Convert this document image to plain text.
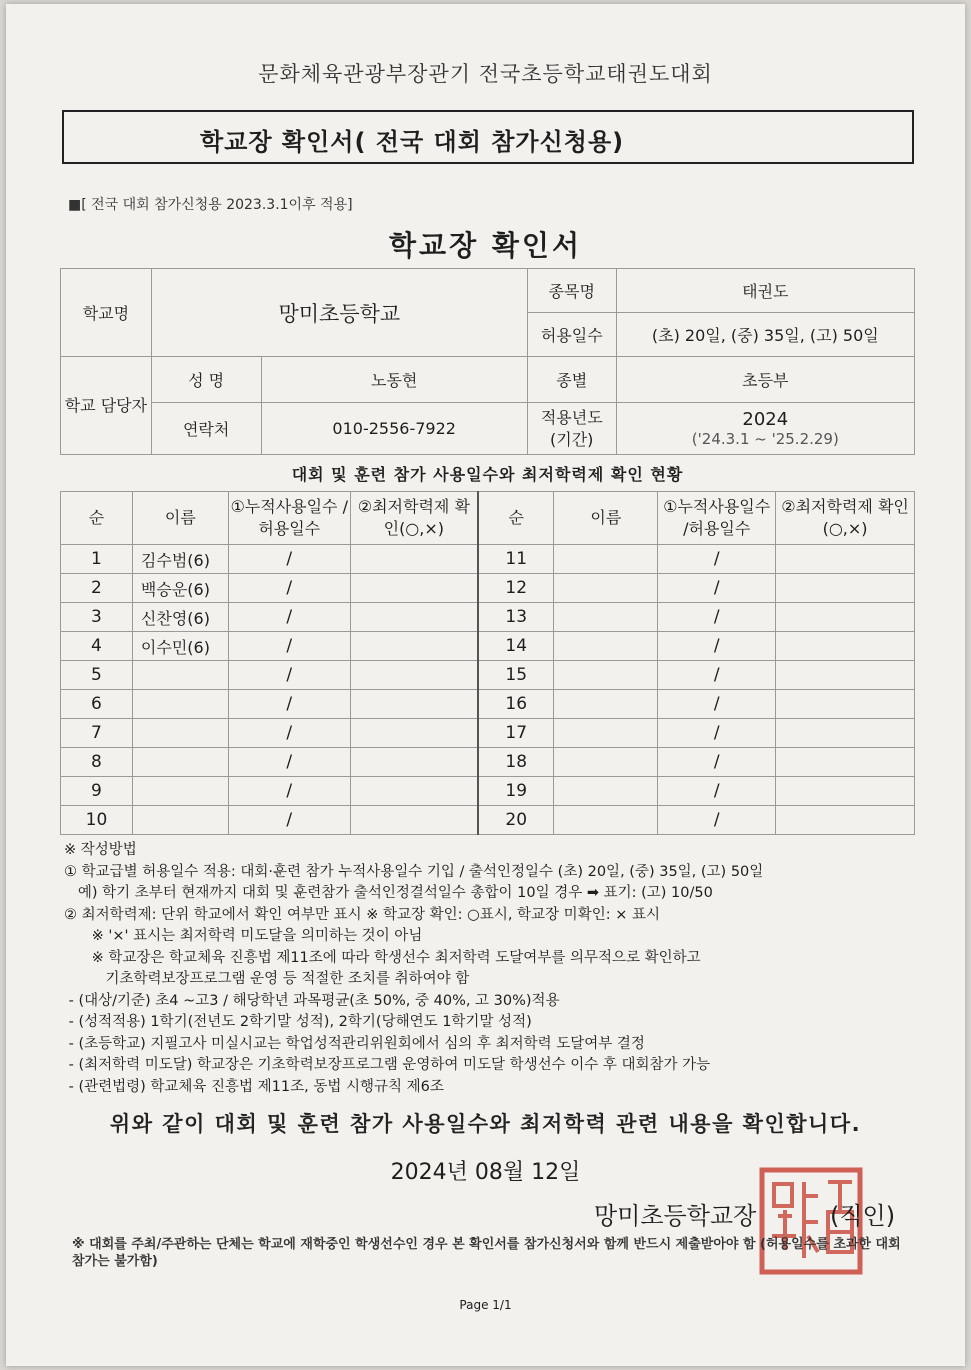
문화체육관광부장관기 전국초등학교태권도대회
학교장 확인서( 전국 대회 참가신청용)
■[ 전국 대회 참가신청용 2023.3.1이후 적용]
학교장 확인서
학교명	망미초등학교		종목명	태권도
			허용일수	(초) 20일, (중) 35일, (고) 50일
학교 담당자	성 명	노동현	종별	초등부
	연락처	010-2556-7922	적용년도 (기간)	2024
('24.3.1 ~ '25.2.29)
대회 및 훈련 참가 사용일수와 최저학력제 확인 현황
순	이름	①누적사용일수 /허용일수	②최저학력제 확인(○,×)	순	이름	①누적사용일수 /허용일수	②최저학력제 확인(○,×)
1	김수범(6)	/		11		/	
2	백승운(6)	/		12		/	
3	신찬영(6)	/		13		/	
4	이수민(6)	/		14		/	
5		/		15		/	
6		/		16		/	
7		/		17		/	
8		/		18		/	
9		/		19		/	
10		/		20		/	
※ 작성방법
① 학교급별 허용일수 적용: 대회·훈련 참가 누적사용일수 기입 / 출석인정일수 (초) 20일, (중) 35일, (고) 50일
예) 학기 초부터 현재까지 대회 및 훈련참가 출석인정결석일수 총합이 10일 경우 ➡ 표기: (고) 10/50
② 최저학력제: 단위 학교에서 확인 여부만 표시 ※ 학교장 확인: ○표시, 학교장 미확인: × 표시
※ '×' 표시는 최저학력 미도달을 의미하는 것이 아님
※ 학교장은 학교체육 진흥법 제11조에 따라 학생선수 최저학력 도달여부를 의무적으로 확인하고
기초학력보장프로그램 운영 등 적절한 조치를 취하여야 함
- (대상/기준) 초4 ~고3 / 해당학년 과목평균(초 50%, 중 40%, 고 30%)적용
- (성적적용) 1학기(전년도 2학기말 성적), 2학기(당해연도 1학기말 성적)
- (초등학교) 지필고사 미실시교는 학업성적관리위원회에서 심의 후 최저학력 도달여부 결정
- (최저학력 미도달) 학교장은 기초학력보장프로그램 운영하여 미도달 학생선수 이수 후 대회참가 가능
- (관련법령) 학교체육 진흥법 제11조, 동법 시행규칙 제6조
위와 같이 대회 및 훈련 참가 사용일수와 최저학력 관련 내용을 확인합니다.
2024년 08월 12일
망미초등학교장	(직인)
※ 대회를 주최/주관하는 단체는 학교에 재학중인 학생선수인 경우 본 확인서를 참가신청서와 함께 반드시 제출받아야 함 (허용일수를 초과한 대회 참가는 불가함)
Page 1/1
